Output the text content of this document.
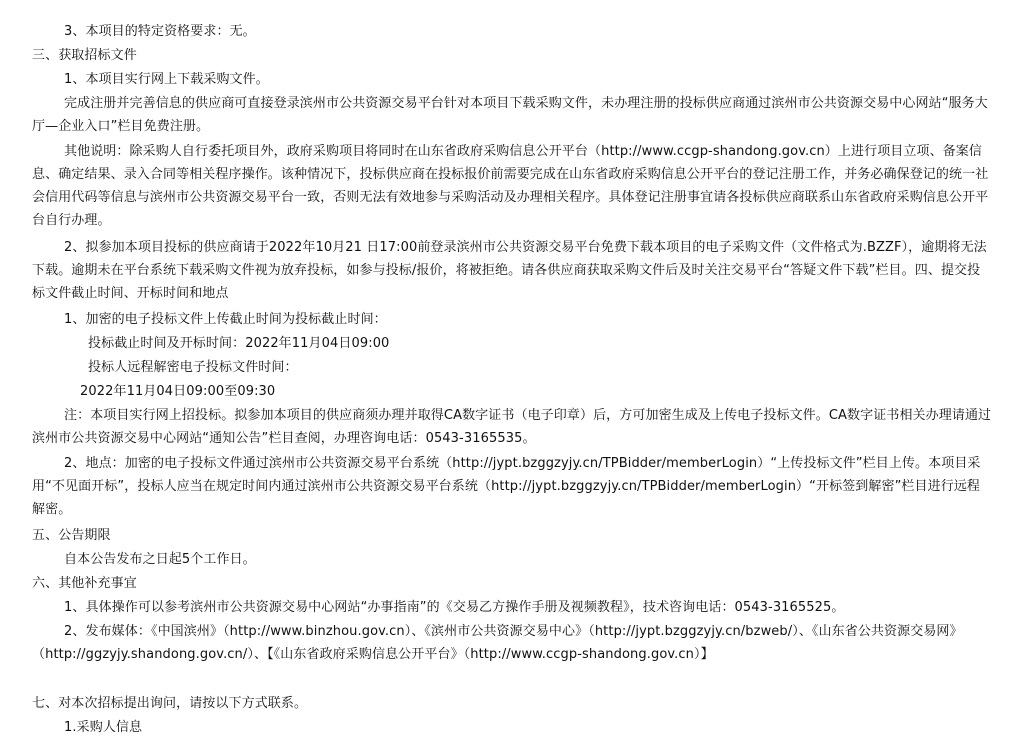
3、本项目的特定资格要求：无。
三、获取招标文件
1、本项目实行网上下载采购文件。
完成注册并完善信息的供应商可直接登录滨州市公共资源交易平台针对本项目下载采购文件，未办理注册的投标供应商通过滨州市公共资源交易中心网站“服务大厅—企业入口”栏目免费注册。
其他说明：除采购人自行委托项目外，政府采购项目将同时在山东省政府采购信息公开平台（http://www.ccgp-shandong.gov.cn）上进行项目立项、备案信息、确定结果、录入合同等相关程序操作。该种情况下，投标供应商在投标报价前需要完成在山东省政府采购信息公开平台的登记注册工作，并务必确保登记的统一社会信用代码等信息与滨州市公共资源交易平台一致，否则无法有效地参与采购活动及办理相关程序。具体登记注册事宜请各投标供应商联系山东省政府采购信息公开平台自行办理。
2、拟参加本项目投标的供应商请于2022年10月21 日17:00前登录滨州市公共资源交易平台免费下载本项目的电子采购文件（文件格式为.BZZF），逾期将无法下载。逾期未在平台系统下载采购文件视为放弃投标，如参与投标/报价，将被拒绝。请各供应商获取采购文件后及时关注交易平台“答疑文件下载”栏目。四、提交投标文件截止时间、开标时间和地点
1、加密的电子投标文件上传截止时间为投标截止时间：
投标截止时间及开标时间：2022年11月04日09:00
投标人远程解密电子投标文件时间：
2022年11月04日09:00至09:30
注：本项目实行网上招投标。拟参加本项目的供应商须办理并取得CA数字证书（电子印章）后，方可加密生成及上传电子投标文件。CA数字证书相关办理请通过滨州市公共资源交易中心网站“通知公告”栏目查阅，办理咨询电话：0543-3165535。
2、地点：加密的电子投标文件通过滨州市公共资源交易平台系统（http://jypt.bzggzyjy.cn/TPBidder/memberLogin）“上传投标文件”栏目上传。本项目采用“不见面开标”，投标人应当在规定时间内通过滨州市公共资源交易平台系统（http://jypt.bzggzyjy.cn/TPBidder/memberLogin）“开标签到解密”栏目进行远程解密。
五、公告期限
自本公告发布之日起5个工作日。
六、其他补充事宜
1、具体操作可以参考滨州市公共资源交易中心网站“办事指南”的《交易乙方操作手册及视频教程》，技术咨询电话：0543-3165525。
2、发布媒体：《中国滨州》（http://www.binzhou.gov.cn）、《滨州市公共资源交易中心》（http://jypt.bzggzyjy.cn/bzweb/）、《山东省公共资源交易网》（http://ggzyjy.shandong.gov.cn/）、【《山东省政府采购信息公开平台》（http://www.ccgp-shandong.gov.cn）】
七、对本次招标提出询问，请按以下方式联系。
1.采购人信息
